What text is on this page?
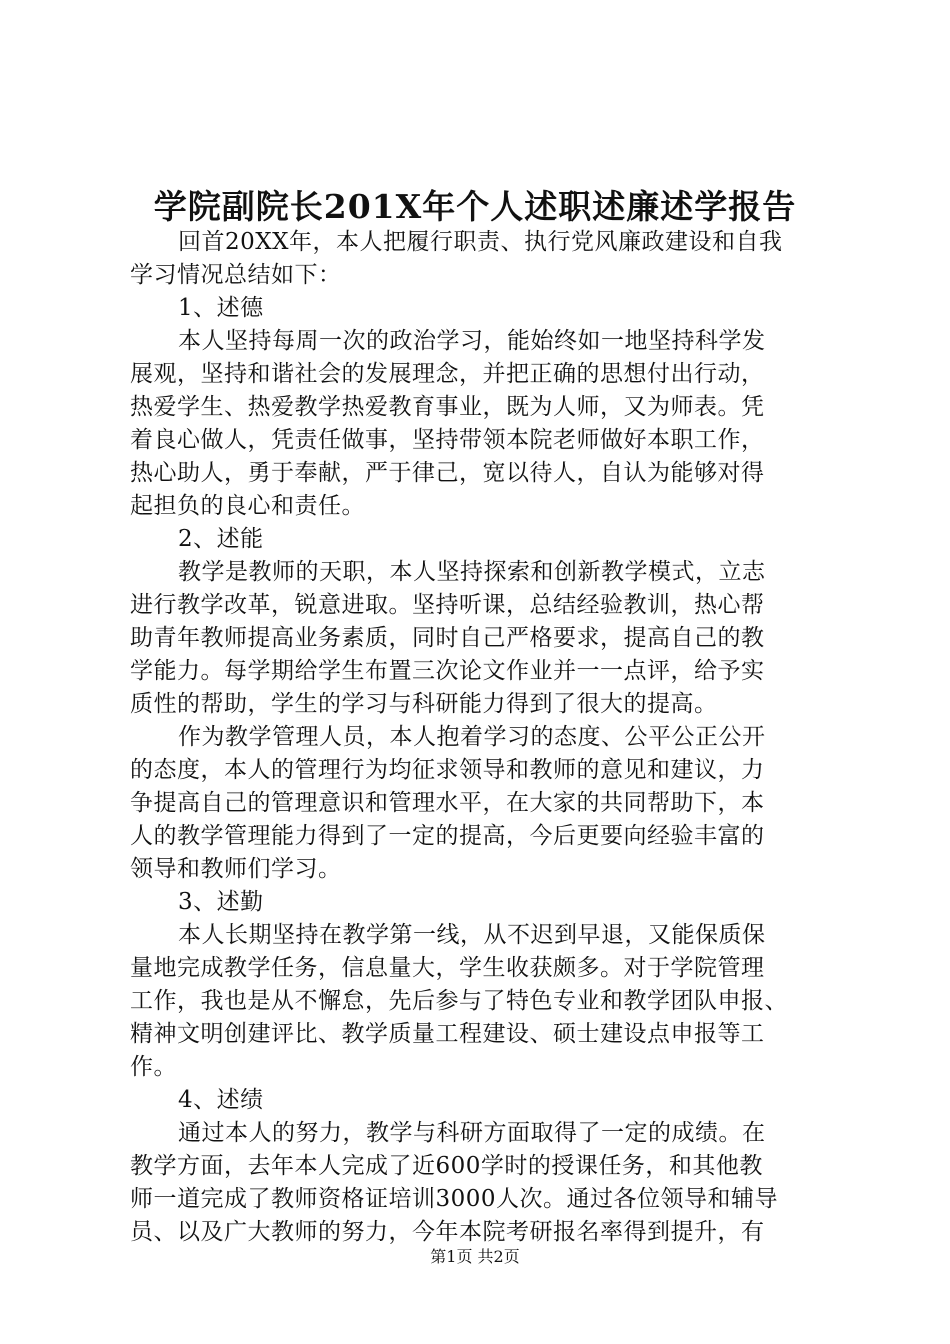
学院副院长201X年个人述职述廉述学报告
回首20XX年，本人把履行职责、执行党风廉政建设和自我
学习情况总结如下：
1、述德
本人坚持每周一次的政治学习，能始终如一地坚持科学发
展观，坚持和谐社会的发展理念，并把正确的思想付出行动，
热爱学生、热爱教学热爱教育事业，既为人师，又为师表。凭
着良心做人，凭责任做事，坚持带领本院老师做好本职工作，
热心助人，勇于奉献，严于律己，宽以待人，自认为能够对得
起担负的良心和责任。
2、述能
教学是教师的天职，本人坚持探索和创新教学模式，立志
进行教学改革，锐意进取。坚持听课，总结经验教训，热心帮
助青年教师提高业务素质，同时自己严格要求，提高自己的教
学能力。每学期给学生布置三次论文作业并一一点评，给予实
质性的帮助，学生的学习与科研能力得到了很大的提高。
作为教学管理人员，本人抱着学习的态度、公平公正公开
的态度，本人的管理行为均征求领导和教师的意见和建议，力
争提高自己的管理意识和管理水平，在大家的共同帮助下，本
人的教学管理能力得到了一定的提高，今后更要向经验丰富的
领导和教师们学习。
3、述勤
本人长期坚持在教学第一线，从不迟到早退，又能保质保
量地完成教学任务，信息量大，学生收获颇多。对于学院管理
工作，我也是从不懈怠，先后参与了特色专业和教学团队申报、
精神文明创建评比、教学质量工程建设、硕士建设点申报等工
作。
4、述绩
通过本人的努力，教学与科研方面取得了一定的成绩。在
教学方面，去年本人完成了近600学时的授课任务，和其他教
师一道完成了教师资格证培训3000人次。通过各位领导和辅导
员、以及广大教师的努力，今年本院考研报名率得到提升，有
第1页 共2页
